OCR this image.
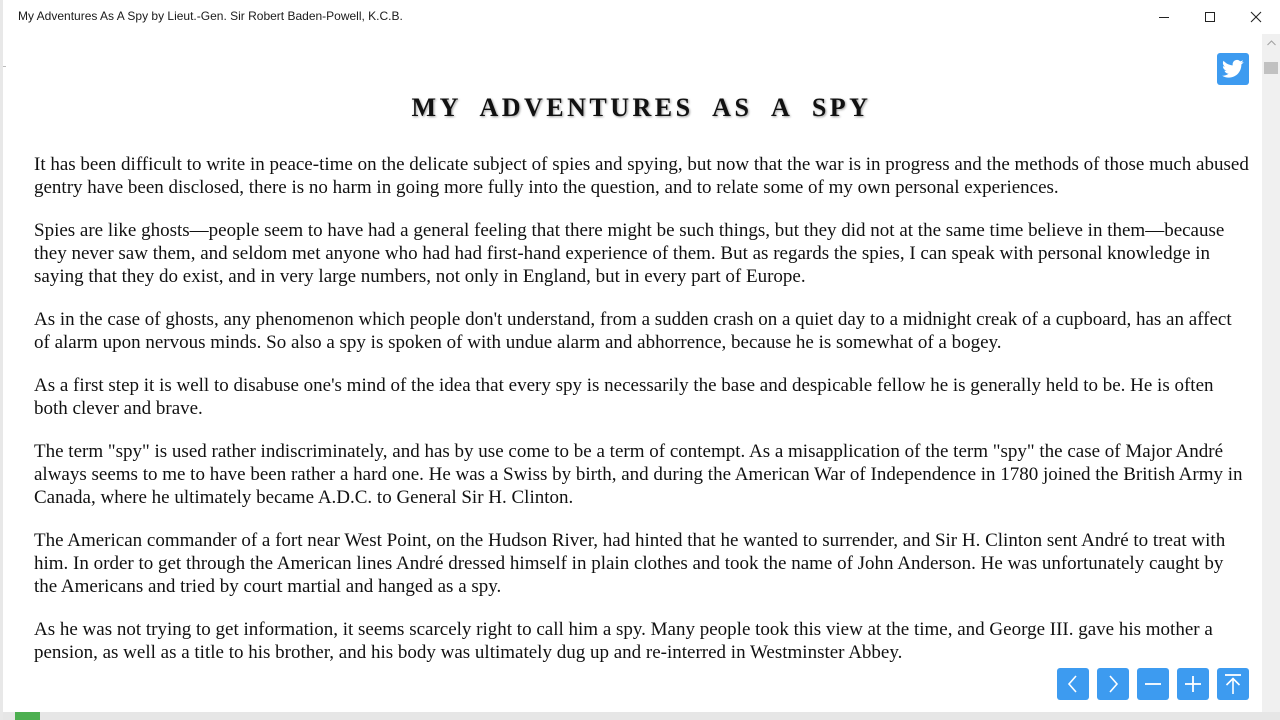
My Adventures As A Spy by Lieut.-Gen. Sir Robert Baden-Powell, K.C.B.
MY ADVENTURES AS A SPY

It has been difficult to write in peace-time on the delicate subject of spies and spying, but now that the war is in progress and the methods of those much abused gentry have been disclosed, there is no harm in going more fully into the question, and to relate some of my own personal experiences.

Spies are like ghosts—people seem to have had a general feeling that there might be such things, but they did not at the same time believe in them—because they never saw them, and seldom met anyone who had had first-hand experience of them. But as regards the spies, I can speak with personal knowledge in saying that they do exist, and in very large numbers, not only in England, but in every part of Europe.

As in the case of ghosts, any phenomenon which people don't understand, from a sudden crash on a quiet day to a midnight creak of a cupboard, has an affect of alarm upon nervous minds. So also a spy is spoken of with undue alarm and abhorrence, because he is somewhat of a bogey.

As a first step it is well to disabuse one's mind of the idea that every spy is necessarily the base and despicable fellow he is generally held to be. He is often both clever and brave.

The term "spy" is used rather indiscriminately, and has by use come to be a term of contempt. As a misapplication of the term "spy" the case of Major André always seems to me to have been rather a hard one. He was a Swiss by birth, and during the American War of Independence in 1780 joined the British Army in Canada, where he ultimately became A.D.C. to General Sir H. Clinton.

The American commander of a fort near West Point, on the Hudson River, had hinted that he wanted to surrender, and Sir H. Clinton sent André to treat with him. In order to get through the American lines André dressed himself in plain clothes and took the name of John Anderson. He was unfortunately caught by the Americans and tried by court martial and hanged as a spy.

As he was not trying to get information, it seems scarcely right to call him a spy. Many people took this view at the time, and George III. gave his mother a pension, as well as a title to his brother, and his body was ultimately dug up and re-interred in Westminster Abbey.
